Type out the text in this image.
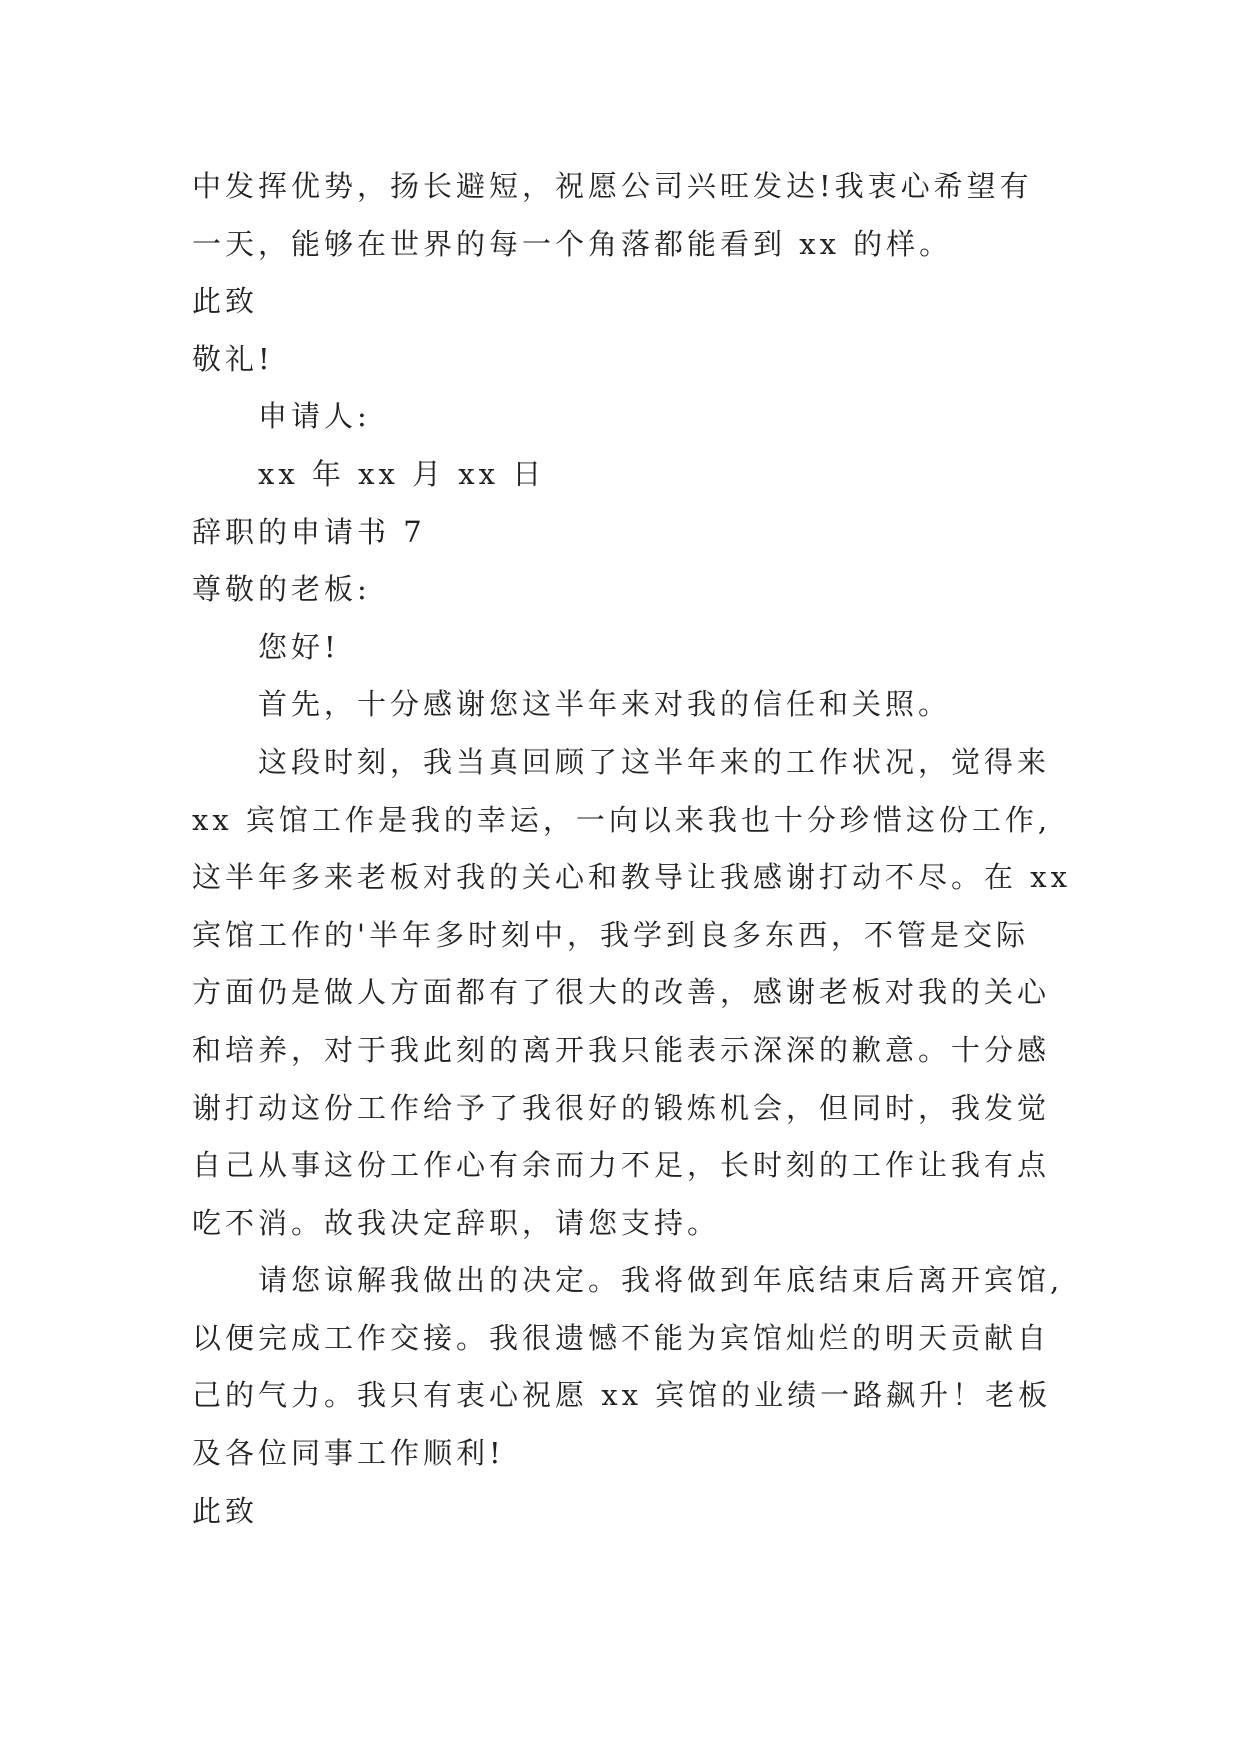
中发挥优势，扬长避短，祝愿公司兴旺发达!我衷心希望有

一天，能够在世界的每一个角落都能看到 xx 的样。

此致

敬礼!

申请人:

xx 年 xx 月 xx 日

辞职的申请书 7

尊敬的老板:

您好!

首先，十分感谢您这半年来对我的信任和关照。

这段时刻，我当真回顾了这半年来的工作状况，觉得来

xx 宾馆工作是我的幸运，一向以来我也十分珍惜这份工作,

这半年多来老板对我的关心和教导让我感谢打动不尽。在 xx

宾馆工作的'半年多时刻中，我学到良多东西，不管是交际

方面仍是做人方面都有了很大的改善，感谢老板对我的关心

和培养，对于我此刻的离开我只能表示深深的歉意。十分感

谢打动这份工作给予了我很好的锻炼机会，但同时，我发觉

自己从事这份工作心有余而力不足，长时刻的工作让我有点

吃不消。故我决定辞职，请您支持。

请您谅解我做出的决定。我将做到年底结束后离开宾馆,

以便完成工作交接。我很遗憾不能为宾馆灿烂的明天贡献自

己的气力。我只有衷心祝愿 xx 宾馆的业绩一路飙升！老板

及各位同事工作顺利!

此致
